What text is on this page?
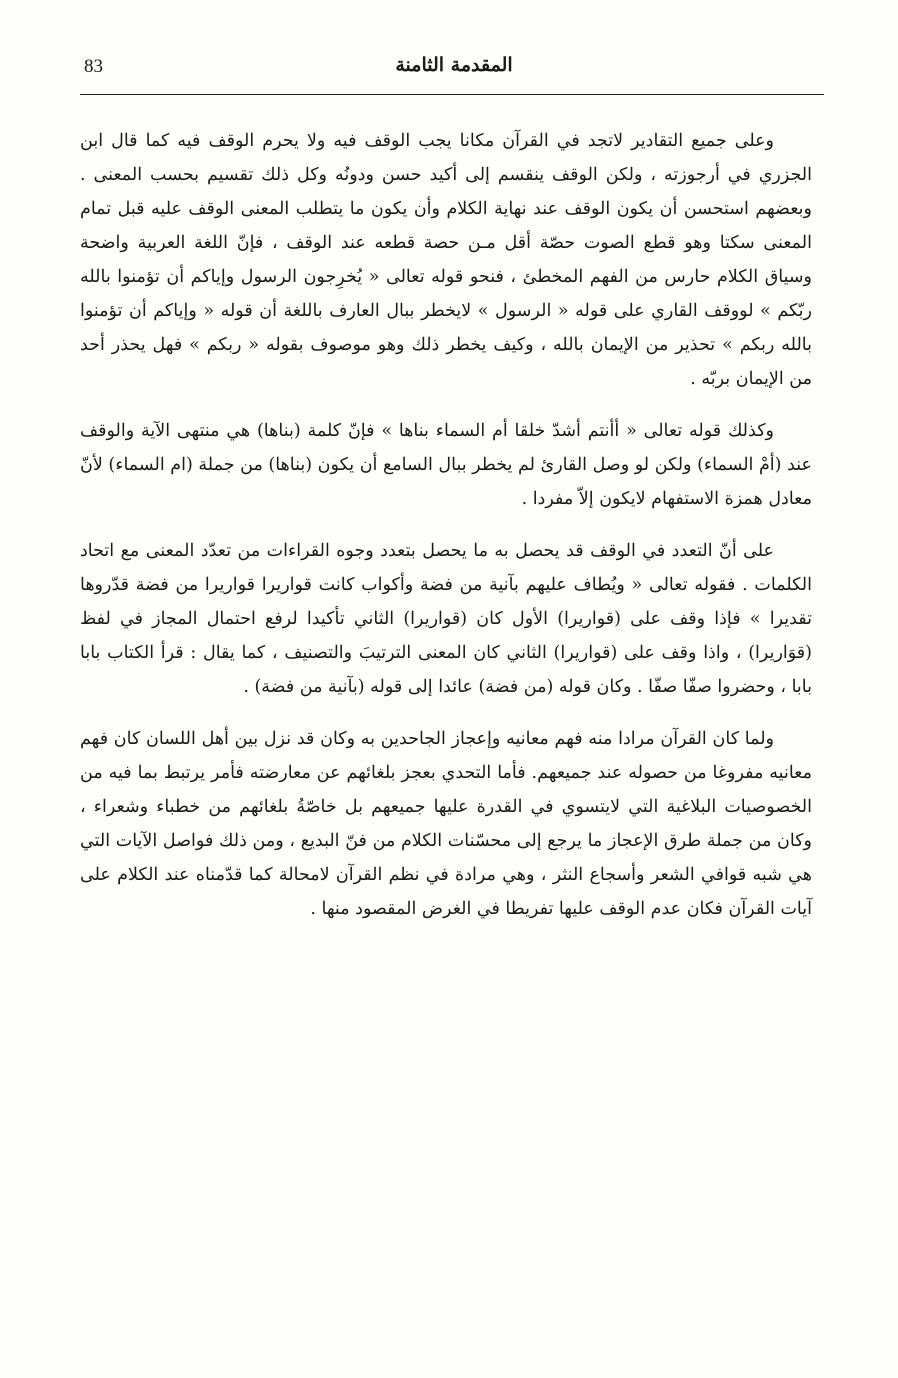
83	المقدمة الثامنة

وعلى جميع التقادير لاتجد في القرآن مكانا يجب الوقف فيه ولا يحرم الوقف فيه كما قال ابن الجزري في أرجوزته ، ولكن الوقف ينقسم إلى أكيد حسن ودونُه وكل ذلك تقسيم بحسب المعنى . وبعضهم استحسن أن يكون الوقف عند نهاية الكلام وأن يكون ما يتطلب المعنى الوقف عليه قبل تمام المعنى سكتا وهو قطع الصوت حصّة أقل مـن حصة قطعه عند الوقف ، فإنّ اللغة العربية واضحة وسياق الكلام حارس من الفهم المخطئ ، فنحو قوله تعالى « يُخرِجون الرسول وإياكم أن تؤمنوا بالله ربّكم » لووقف القاري على قوله « الرسول » لايخطر ببال العارف باللغة أن قوله « وإياكم أن تؤمنوا بالله ربكم » تحذير من الإيمان بالله ، وكيف يخطر ذلك وهو موصوف بقوله « ربكم » فهل يحذر أحد من الإيمان بربّه .

وكذلك قوله تعالى « أأنتم أشدّ خلقا أم السماء بناها » فإنّ كلمة (بناها) هي منتهى الآية والوقف عند (أمْ السماء) ولكن لو وصل القارئ لم يخطر ببال السامع أن يكون (بناها) من جملة (ام السماء) لأنّ معادل همزة الاستفهام لايكون إلاّ مفردا .

على أنّ التعدد في الوقف قد يحصل به ما يحصل بتعدد وجوه القراءات من تعدّد المعنى مع اتحاد الكلمات . فقوله تعالى « ويُطاف عليهم بآنية من فضة وأكواب كانت قواريرا قواريرا من فضة قدّروها تقديرا » فإذا وقف على (قواريرا) الأول كان (قواريرا) الثاني تأكيدا لرفع احتمال المجاز في لفظ (قوَاريرا) ، واذا وقف على (قواريرا) الثاني كان المعنى الترتيبَ والتصنيف ، كما يقال : قرأ الكتاب بابا بابا ، وحضروا صفّا صفّا . وكان قوله (من فضة) عائدا إلى قوله (بآنية من فضة) .

ولما كان القرآن مرادا منه فهم معانيه وإعجاز الجاحدين به وكان قد نزل بين أهل اللسان كان فهم معانيه مفروغا من حصوله عند جميعهم. فأما التحدي بعجز بلغائهم عن معارضته فأمر يرتبط بما فيه من الخصوصيات البلاغية التي لايتسوي في القدرة عليها جميعهم بل خاصّةُ بلغائهم من خطباء وشعراء ، وكان من جملة طرق الإعجاز ما يرجع إلى محسّنات الكلام من فنّ البديع ، ومن ذلك فواصل الآيات التي هي شبه قوافي الشعر وأسجاع النثر ، وهي مرادة في نظم القرآن لامحالة كما قدّمناه عند الكلام على آيات القرآن فكان عدم الوقف عليها تفريطا في الغرض المقصود منها .
